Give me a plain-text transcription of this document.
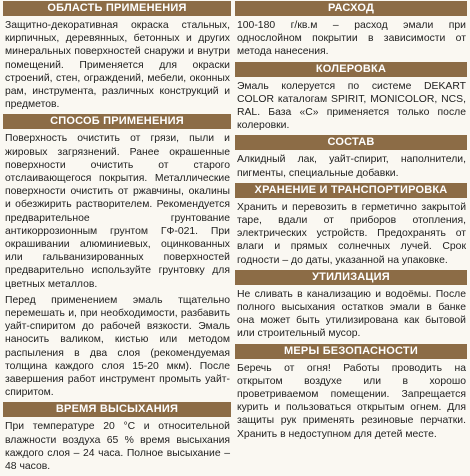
ОБЛАСТЬ ПРИМЕНЕНИЯ

Защитно-декоративная окраска стальных, кирпичных, деревянных, бетонных и других минеральных поверхностей снаружи и внутри помещений. Применяется для окраски строений, стен, ограждений, мебели, оконных рам, инструмента, различных конструкций и предметов.

СПОСОБ ПРИМЕНЕНИЯ

Поверхность очистить от грязи, пыли и жировых загрязнений. Ранее окрашенные поверхности очистить от старого отслаивающегося покрытия. Металлические поверхности очистить от ржавчины, окалины и обезжирить растворителем. Рекомендуется предварительное грунтование антикоррозионным грунтом ГФ-021. При окрашивании алюминиевых, оцинкованных или гальванизированных поверхностей предварительно используйте грунтовку для цветных металлов.

Перед применением эмаль тщательно перемешать и, при необходимости, разбавить уайт-спиритом до рабочей вязкости. Эмаль наносить валиком, кистью или методом распыления в два слоя (рекомендуемая толщина каждого слоя 15-20 мкм). После завершения работ инструмент промыть уайт-спиритом.

ВРЕМЯ ВЫСЫХАНИЯ

При температуре 20 °С и относительной влажности воздуха 65 % время высыхания каждого слоя – 24 часа. Полное высыхание – 48 часов.

РАСХОД

100-180 г/кв.м – расход эмали при однослойном покрытии в зависимости от метода нанесения.

КОЛЕРОВКА

Эмаль колеруется по системе DEKART COLOR каталогам SPIRIT, MONICOLOR, NCS, RAL. База «С» применяется только после колеровки.

СОСТАВ

Алкидный лак, уайт-спирит, наполнители, пигменты, специальные добавки.

ХРАНЕНИЕ И ТРАНСПОРТИРОВКА

Хранить и перевозить в герметично закрытой таре, вдали от приборов отопления, электрических устройств. Предохранять от влаги и прямых солнечных лучей. Срок годности – до даты, указанной на упаковке.

УТИЛИЗАЦИЯ

Не сливать в канализацию и водоёмы. После полного высыхания остатков эмали в банке она может быть утилизирована как бытовой или строительный мусор.

МЕРЫ БЕЗОПАСНОСТИ

Беречь от огня! Работы проводить на открытом воздухе или в хорошо проветриваемом помещении. Запрещается курить и пользоваться открытым огнем. Для защиты рук применять резиновые перчатки. Хранить в недоступном для детей месте.
